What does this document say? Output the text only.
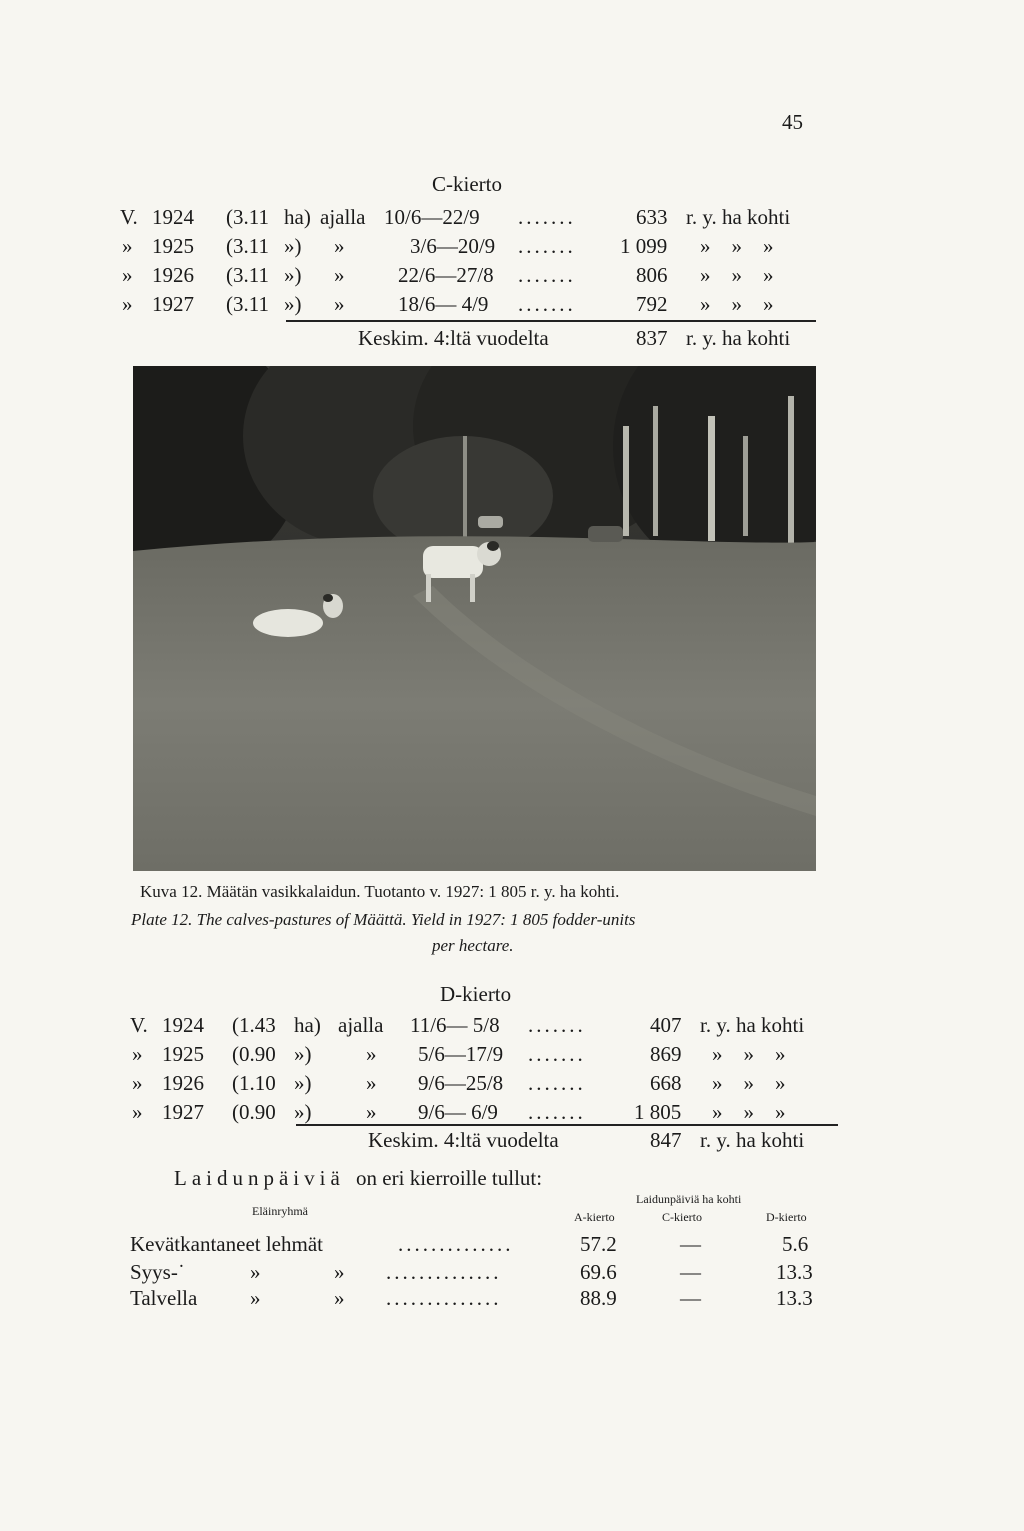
45
C-kierto
V. 1924 (3.11 ha) ajalla 10/6—22/9 .......	633 r. y. ha kohti
» 1925 (3.11 ») »	3/6—20/9 ....... 1 099 »    »    »
» 1926 (3.11 ») »	22/6—27/8 .......	806 »    »    »
» 1927 (3.11 ») »	18/6— 4/9 .......	792 »    »    »
Keskim. 4:ltä vuodelta	837 r. y. ha kohti
Kuva 12. Määtän vasikkalaidun. Tuotanto v. 1927: 1 805 r. y. ha kohti.
Plate 12. The calves-pastures of Määttä. Yield in 1927: 1 805 fodder-units
per hectare.
D-kierto
V. 1924 (1.43 ha) ajalla 11/6— 5/8 .......	407 r. y. ha kohti
» 1925 (0.90 »)	» 5/6—17/9 .......	869 »    »    »
» 1926 (1.10 »)	» 9/6—25/8 .......	668 »    »    »
» 1927 (0.90 »)	» 9/6— 6/9 ....... 1 805 »    »    »
Keskim. 4:ltä vuodelta	847 r. y. ha kohti
Laidunpäiviä on eri kierroille tullut:
Laidunpäiviä ha kohti
Eläinryhmä	A-kierto	C-kierto	D-kierto
Kevätkantaneet lehmät	..............	57.2	—	5.6
Syys-˙	»	» ..............	69.6	—	13.3
Talvella	»	» ..............	88.9	—	13.3
